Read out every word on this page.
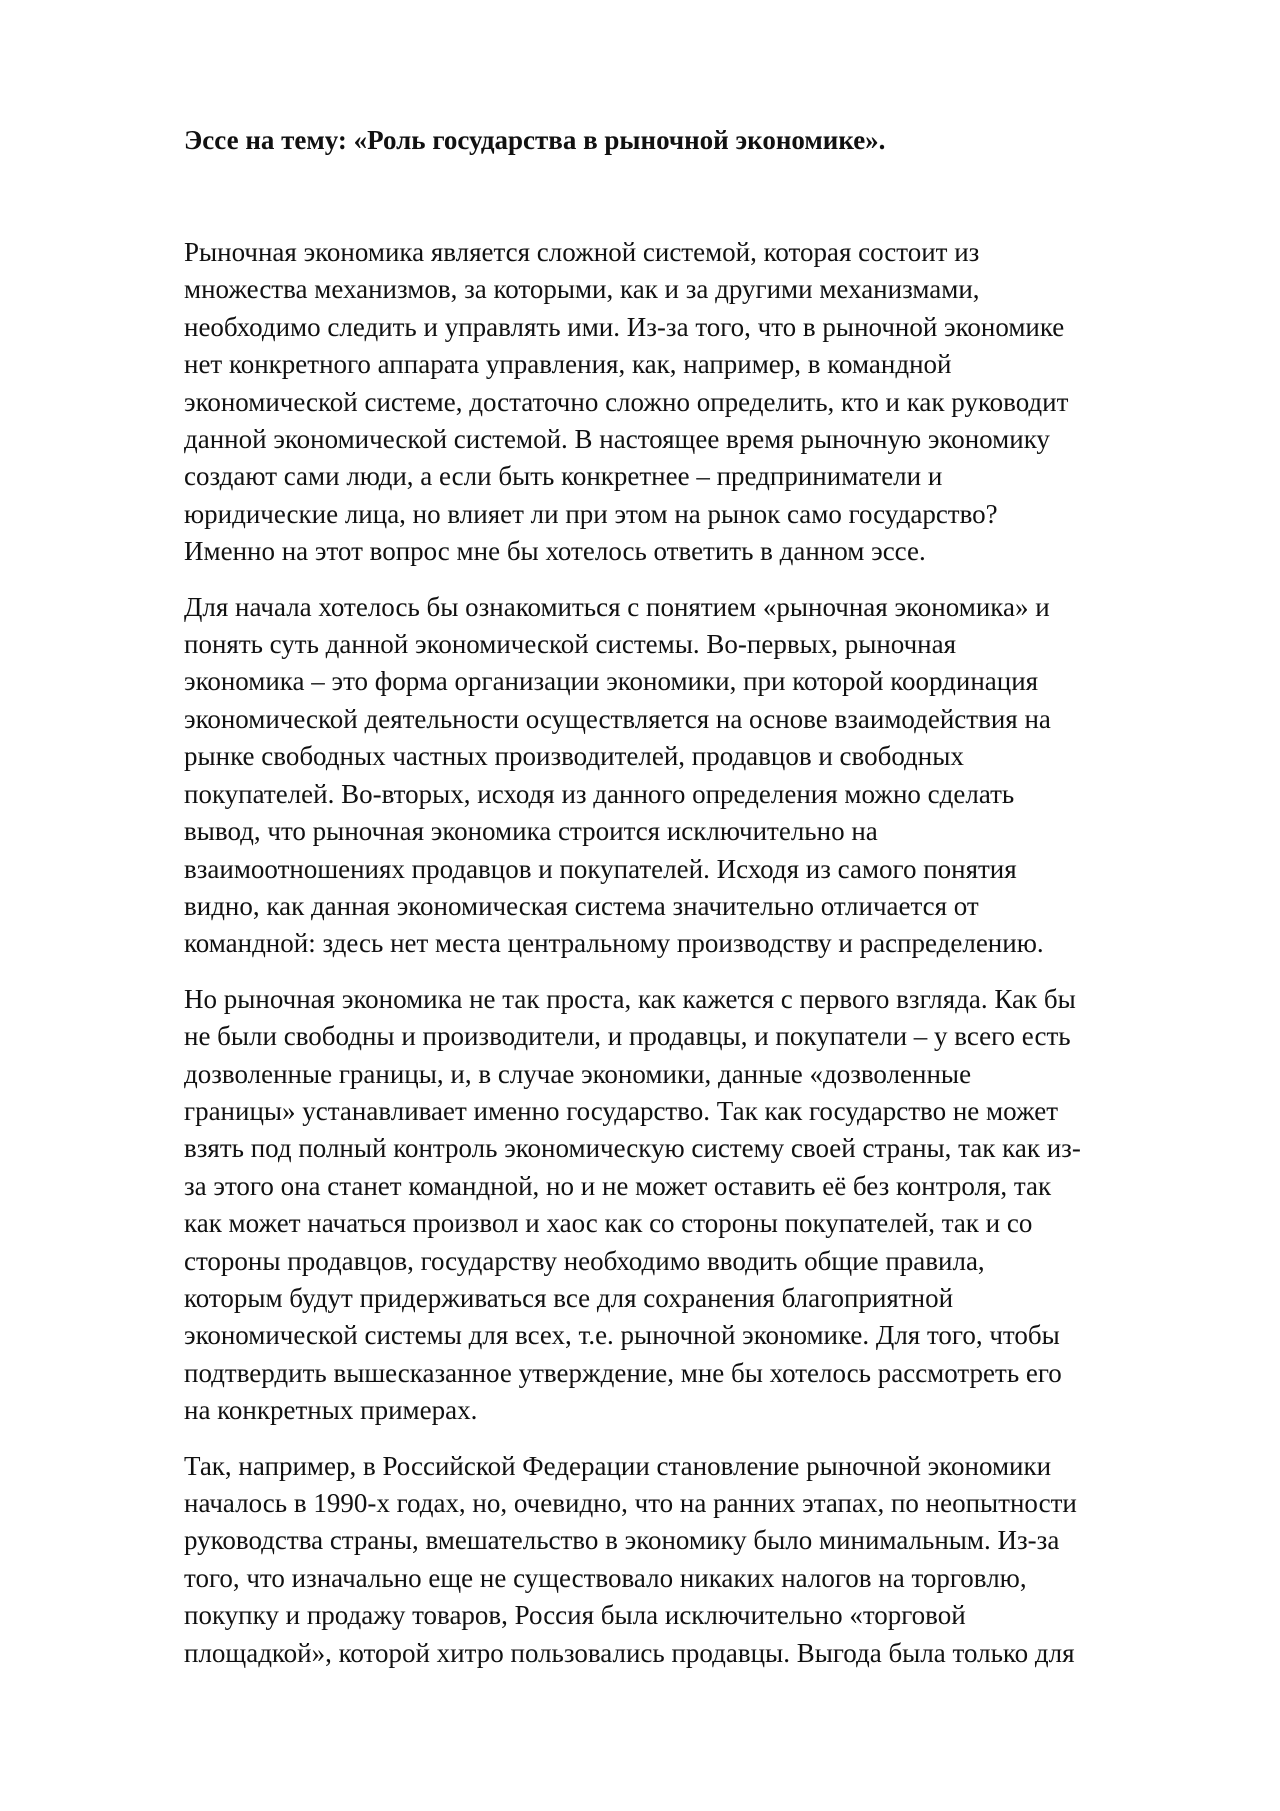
Эссе на тему: «Роль государства в рыночной экономике».

Рыночная экономика является сложной системой, которая состоит из
множества механизмов, за которыми, как и за другими механизмами,
необходимо следить и управлять ими. Из-за того, что в рыночной экономике
нет конкретного аппарата управления, как, например, в командной
экономической системе, достаточно сложно определить, кто и как руководит
данной экономической системой. В настоящее время рыночную экономику
создают сами люди, а если быть конкретнее – предприниматели и
юридические лица, но влияет ли при этом на рынок само государство?
Именно на этот вопрос мне бы хотелось ответить в данном эссе.

Для начала хотелось бы ознакомиться с понятием «рыночная экономика» и
понять суть данной экономической системы. Во-первых, рыночная
экономика – это форма организации экономики, при которой координация
экономической деятельности осуществляется на основе взаимодействия на
рынке свободных частных производителей, продавцов и свободных
покупателей. Во-вторых, исходя из данного определения можно сделать
вывод, что рыночная экономика строится исключительно на
взаимоотношениях продавцов и покупателей. Исходя из самого понятия
видно, как данная экономическая система значительно отличается от
командной: здесь нет места центральному производству и распределению.

Но рыночная экономика не так проста, как кажется с первого взгляда. Как бы
не были свободны и производители, и продавцы, и покупатели – у всего есть
дозволенные границы, и, в случае экономики, данные «дозволенные
границы» устанавливает именно государство. Так как государство не может
взять под полный контроль экономическую систему своей страны, так как из-
за этого она станет командной, но и не может оставить её без контроля, так
как может начаться произвол и хаос как со стороны покупателей, так и со
стороны продавцов, государству необходимо вводить общие правила,
которым будут придерживаться все для сохранения благоприятной
экономической системы для всех, т.е. рыночной экономике. Для того, чтобы
подтвердить вышесказанное утверждение, мне бы хотелось рассмотреть его
на конкретных примерах.

Так, например, в Российской Федерации становление рыночной экономики
началось в 1990-х годах, но, очевидно, что на ранних этапах, по неопытности
руководства страны, вмешательство в экономику было минимальным. Из-за
того, что изначально еще не существовало никаких налогов на торговлю,
покупку и продажу товаров, Россия была исключительно «торговой
площадкой», которой хитро пользовались продавцы. Выгода была только для
